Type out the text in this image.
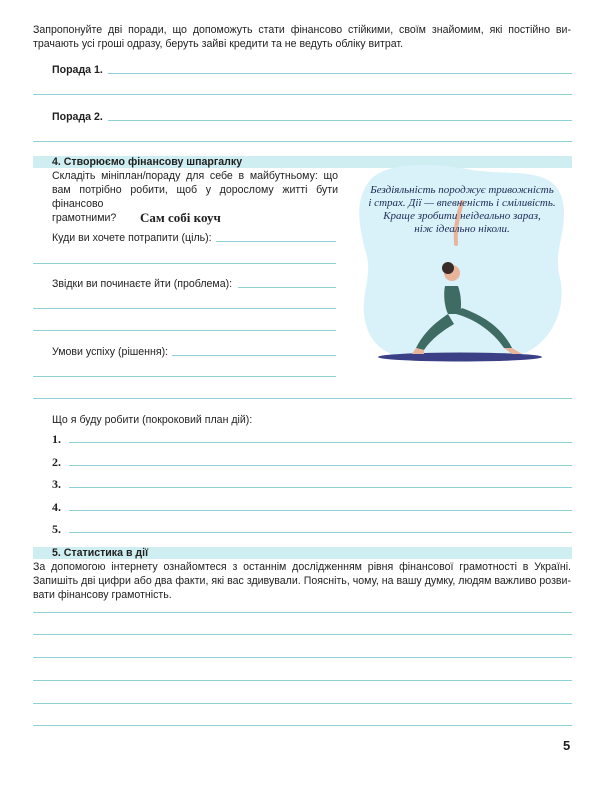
Запропонуйте дві поради, що допоможуть стати фінансово стійкими, своїм знайомим, які постійно ви-
трачають усі гроші одразу, беруть зайві кредити та не ведуть обліку витрат.
Порада 1.
Порада 2.
4. Створюємо фінансову шпаргалку
Складіть мініплан/пораду для себе в майбутньому: що
вам потрібно робити, щоб у дорослому житті бути фінансово
грамотними?	Сам собі коуч
Куди ви хочете потрапити (ціль):
Звідки ви починаєте йти (проблема):
Умови успіху (рішення):
Бездіяльність породжує тривожність
і страх. Дії — впевненість і сміливість.
Краще зробити неідеально зараз,
ніж ідеально ніколи.
Що я буду робити (покроковий план дій):
1.
2.
3.
4.
5.
5. Статистика в дії
За допомогою інтернету ознайомтеся з останнім дослідженням рівня фінансової грамотності в Україні.
Запишіть дві цифри або два факти, які вас здивували. Поясніть, чому, на вашу думку, людям важливо розви-
вати фінансову грамотність.
5
